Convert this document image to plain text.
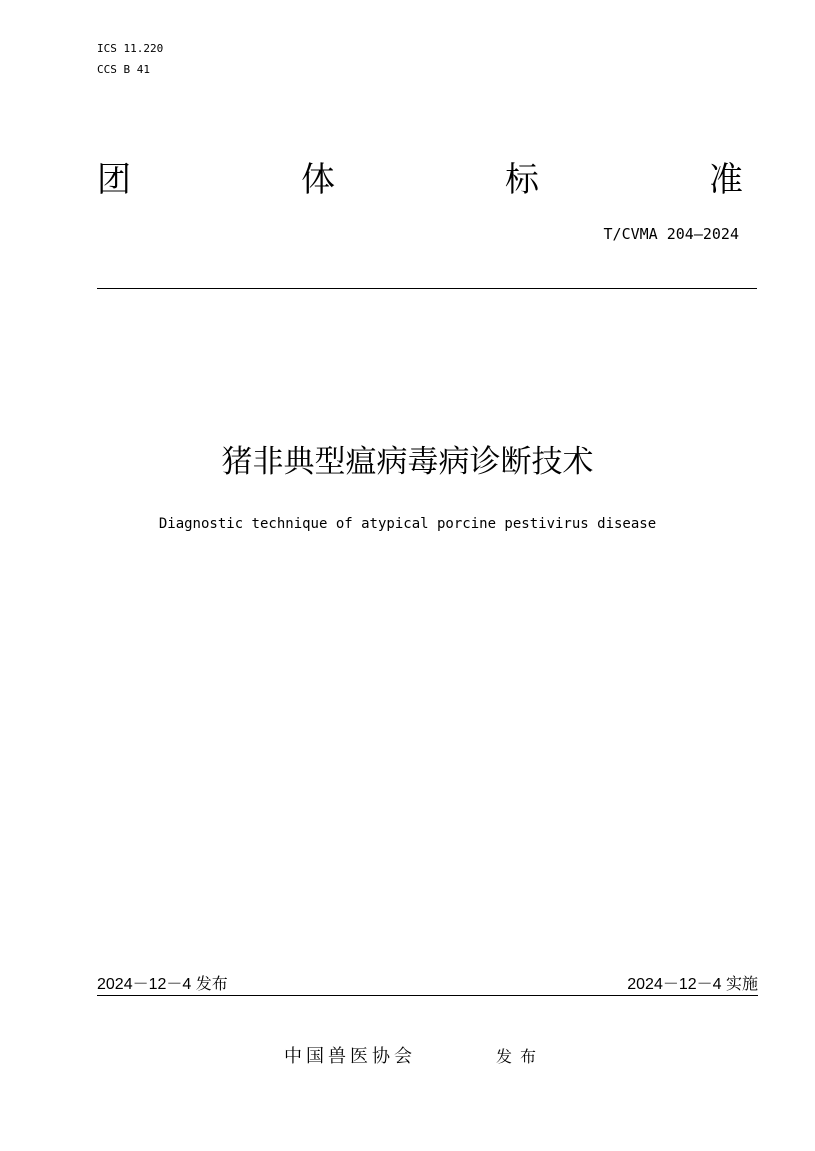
ICS 11.220
CCS B 41
团	体	标	准
T/CVMA 204—2024
猪非典型瘟病毒病诊断技术
Diagnostic technique of atypical porcine pestivirus disease
2024－12－4 发布	2024－12－4 实施
中国兽医协会	发布
